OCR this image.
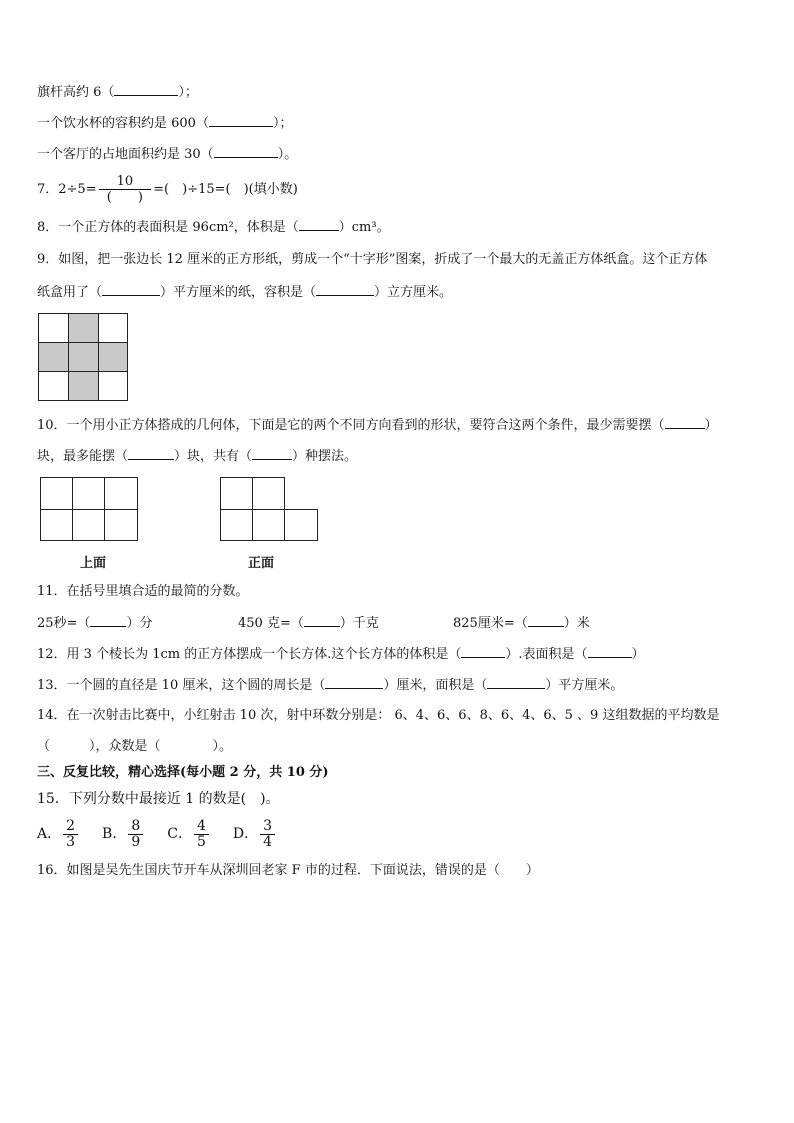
旗杆高约 6（	）；
一个饮水杯的容积约是 600（	）；
一个客厅的占地面积约是 30（	）。
7．$2\div 5= \frac{10}{( )}$ =(　)÷15=(　)(填小数)
8．一个正方体的表面积是 96cm²，体积是（	）cm³。
9．如图，把一张边长 12 厘米的正方形纸，剪成一个“十字形”图案，折成了一个最大的无盖正方体纸盒。这个正方体
纸盒用了（	）平方厘米的纸，容积是（	）立方厘米。
10．一个用小正方体搭成的几何体，下面是它的两个不同方向看到的形状，要符合这两个条件，最少需要摆（	）
块，最多能摆（	）块，共有（	）种摆法。
上面	正面
11．在括号里填合适的最简的分数。
25秒=（	）分	450 克=（	）千克	825厘米=（	）米
12．用 3 个棱长为 1cm 的正方体摆成一个长方体.这个长方体的体积是（	）.表面积是（	）
13．一个圆的直径是 10 厘米，这个圆的周长是（	）厘米，面积是（	）平方厘米。
14．在一次射击比赛中，小红射击 10 次，射中环数分别是： 6、4、6、6、8、6、4、6、5 、9 这组数据的平均数是
（　　　），众数是（　　　　）。
三、反复比较，精心选择(每小题 2 分，共 10 分)
15．下列分数中最接近 1 的数是(　)。
A． $\frac{2}{3}$ B． $\frac{8}{9}$ C． $\frac{4}{5}$ D． $\frac{3}{4}$
16．如图是吴先生国庆节开车从深圳回老家 F 市的过程．下面说法，错误的是（　　）
